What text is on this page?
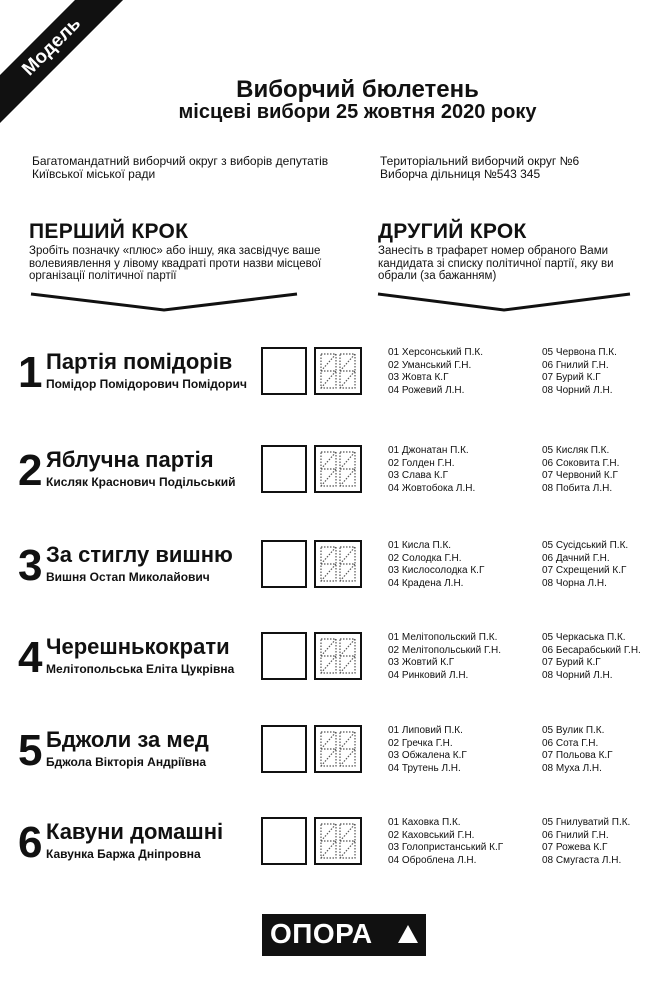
Модель
Виборчий бюлетень
місцеві вибори 25 жовтня 2020 року
Багатомандатний виборчий округ з виборів депутатів Київської міської ради
Територіальний виборчий округ №6
Виборча дільниця №543 345
ПЕРШИЙ КРОК
Зробіть позначку «плюс» або іншу, яка засвідчує ваше волевиявлення у лівому квадраті проти назви місцевої організації політичної партії
ДРУГИЙ КРОК
Занесіть в трафарет номер обраного Вами кандидата зі списку політичної партії, яку ви обрали (за бажанням)
1 Партія помідорів
Помідор Помідорович Помідорич
01 Херсонський П.К.
02 Уманський Г.Н.
03 Жовта К.Г
04 Рожевий Л.Н.
05 Червона П.К.
06 Гнилий Г.Н.
07 Бурий К.Г
08 Чорний Л.Н.
2 Яблучна партія
Кисляк Краснович Подільський
01 Джонатан П.К.
02 Голден Г.Н.
03 Слава К.Г
04 Жовтобока Л.Н.
05 Кисляк П.К.
06 Соковита Г.Н.
07 Червоний К.Г
08 Побита Л.Н.
3 За стиглу вишню
Вишня Остап Миколайович
01 Кисла П.К.
02 Солодка Г.Н.
03 Кислосолодка К.Г
04 Крадена Л.Н.
05 Сусідський П.К.
06 Дачний Г.Н.
07 Схрещений К.Г
08 Чорна Л.Н.
4 Черешнькократи
Мелітопольська Еліта Цукрівна
01 Мелітопольский П.К.
02 Мелітопольський Г.Н.
03 Жовтий К.Г
04 Ринковий Л.Н.
05 Черкаська П.К.
06 Бесарабський Г.Н.
07 Бурий К.Г
08 Чорний Л.Н.
5 Бджоли за мед
Бджола Вікторія Андріївна
01 Липовий П.К.
02 Гречка Г.Н.
03 Обжалена К.Г
04 Трутень Л.Н.
05 Вулик П.К.
06 Сота Г.Н.
07 Польова К.Г
08 Муха Л.Н.
6 Кавуни домашні
Кавунка Баржа Дніпровна
01 Каховка П.К.
02 Каховський Г.Н.
03 Голопристанський К.Г
04 Оброблена Л.Н.
05 Гнилуватий П.К.
06 Гнилий Г.Н.
07 Рожева К.Г
08 Смугаста Л.Н.
ОПОРА
